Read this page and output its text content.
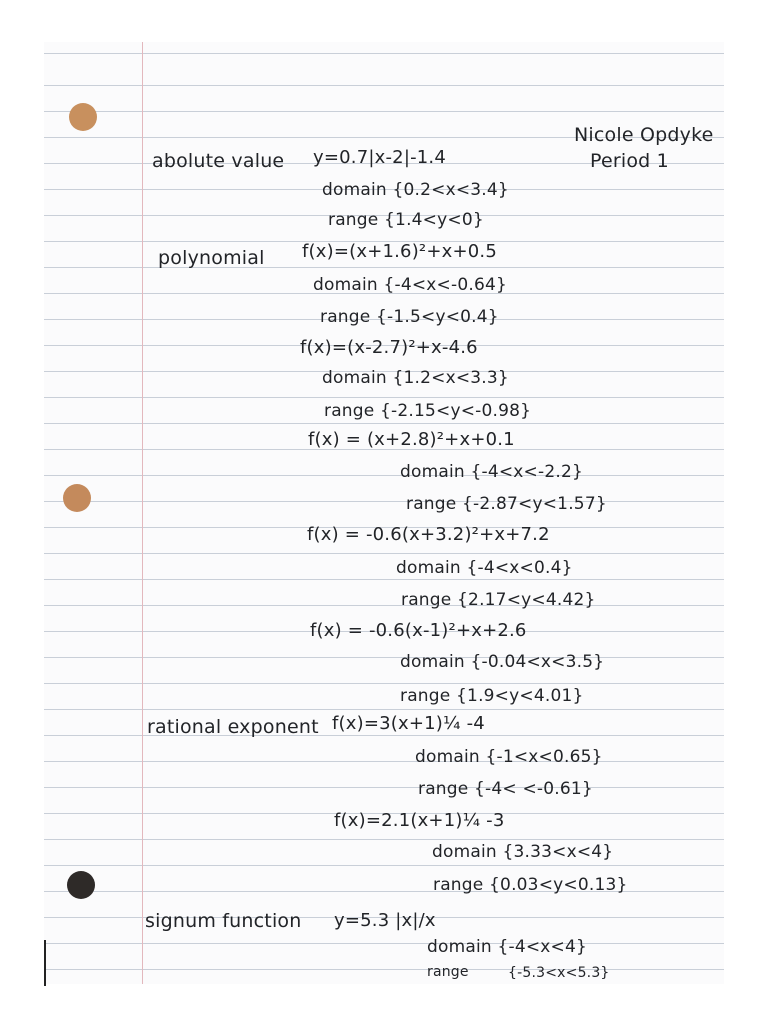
Nicole Opdyke
Period 1
abolute value y=0.7|x-2|-1.4
domain {0.2<x<3.4}
range {1.4<y<0}
polynomial f(x)=(x+1.6)²+x+0.5
domain {-4<x<-0.64}
range {-1.5<y<0.4}
f(x)=(x-2.7)²+x-4.6
domain {1.2<x<3.3}
range {-2.15<y<-0.98}
f(x) = (x+2.8)²+x+0.1
domain {-4<x<-2.2}
range {-2.87<y<1.57}
f(x) = -0.6(x+3.2)²+x+7.2
domain {-4<x<0.4}
range {2.17<y<4.42}
f(x) = -0.6(x-1)²+x+2.6
domain {-0.04<x<3.5}
range {1.9<y<4.01}
rational exponent f(x)=3(x+1)¼ -4
domain {-1<x<0.65}
range {-4< <-0.61}
f(x)=2.1(x+1)¼ -3
domain {3.33<x<4}
range {0.03<y<0.13}
signum function y=5.3 |x|/x
domain {-4<x<4}
range	{-5.3<x<5.3}
